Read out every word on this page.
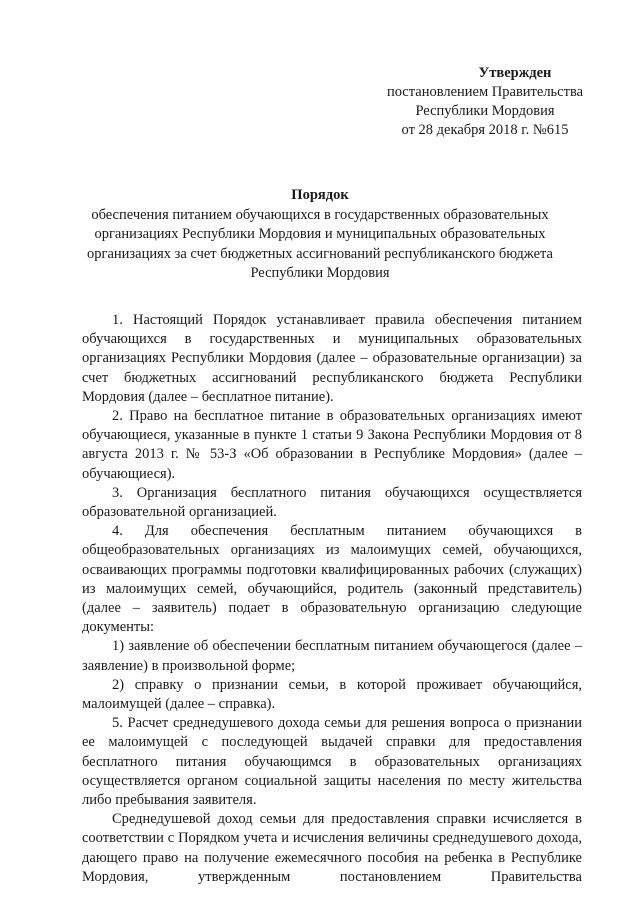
Утвержден
постановлением Правительства
Республики Мордовия
от 28 декабря 2018 г. №615
Порядок
обеспечения питанием обучающихся в государственных образовательных организациях Республики Мордовия и муниципальных образовательных организациях за счет бюджетных ассигнований республиканского бюджета Республики Мордовия

1. Настоящий Порядок устанавливает правила обеспечения питанием обучающихся в государственных и муниципальных образовательных организациях Республики Мордовия (далее – образовательные организации) за счет бюджетных ассигнований республиканского бюджета Республики Мордовия (далее – бесплатное питание).

2. Право на бесплатное питание в образовательных организациях имеют обучающиеся, указанные в пункте 1 статьи 9 Закона Республики Мордовия от 8 августа 2013 г. № 53-З «Об образовании в Республике Мордовия» (далее – обучающиеся).

3. Организация бесплатного питания обучающихся осуществляется образовательной организацией.

4. Для обеспечения бесплатным питанием обучающихся в общеобразовательных организациях из малоимущих семей, обучающихся, осваивающих программы подготовки квалифицированных рабочих (служащих) из малоимущих семей, обучающийся, родитель (законный представитель) (далее – заявитель) подает в образовательную организацию следующие документы:

1) заявление об обеспечении бесплатным питанием обучающегося (далее – заявление) в произвольной форме;

2) справку о признании семьи, в которой проживает обучающийся, малоимущей (далее – справка).

5. Расчет среднедушевого дохода семьи для решения вопроса о признании ее малоимущей с последующей выдачей справки для предоставления бесплатного питания обучающимся в образовательных организациях осуществляется органом социальной защиты населения по месту жительства либо пребывания заявителя.

Среднедушевой доход семьи для предоставления справки исчисляется в соответствии с Порядком учета и исчисления величины среднедушевого дохода, дающего право на получение ежемесячного пособия на ребенка в Республике Мордовия, утвержденным постановлением Правительства
